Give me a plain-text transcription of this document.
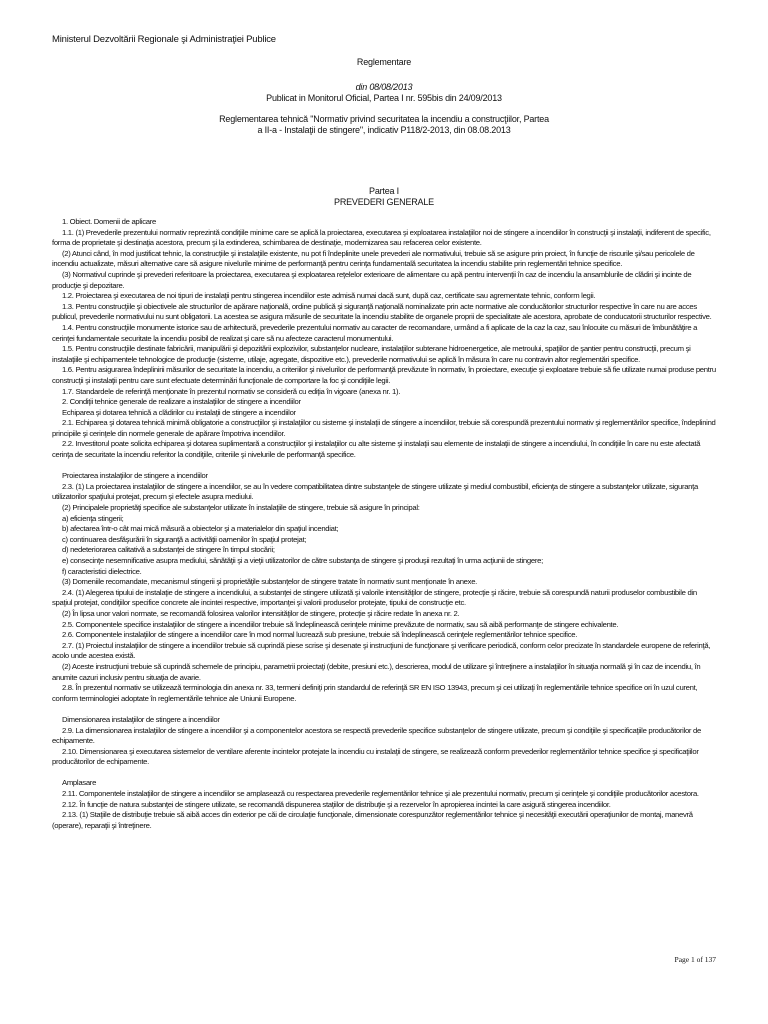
Ministerul Dezvoltării Regionale şi Administraţiei Publice
Reglementare
din 08/08/2013
Publicat in Monitorul Oficial, Partea I nr. 595bis din 24/09/2013
Reglementarea tehnică "Normativ privind securitatea la incendiu a construcţiilor, Partea
a II-a - Instalaţii de stingere", indicativ P118/2-2013, din 08.08.2013
Partea I
PREVEDERI GENERALE

1. Obiect. Domenii de aplicare

1.1. (1) Prevederile prezentului normativ reprezintă condiţiile minime care se aplică la proiectarea, executarea şi exploatarea instalaţiilor noi de stingere a incendiilor în construcţii şi instalaţii, indiferent de specific, forma de proprietate şi destinaţia acestora, precum şi la extinderea, schimbarea de destinaţie, modernizarea sau refacerea celor existente.

(2) Atunci când, în mod justificat tehnic, la construcţiile şi instalaţiile existente, nu pot fi îndeplinite unele prevederi ale normativului, trebuie să se asigure prin proiect, în funcţie de riscurile şi/sau pericolele de incendiu actualizate, măsuri alternative care să asigure nivelurile minime de performanţă pentru cerinţa fundamentală securitatea la incendiu stabilite prin reglementări tehnice specifice.

(3) Normativul cuprinde şi prevederi referitoare la proiectarea, executarea şi exploatarea reţelelor exterioare de alimentare cu apă pentru intervenţii în caz de incendiu la ansamblurile de clădiri şi incinte de producţie şi depozitare.

1.2. Proiectarea şi executarea de noi tipuri de instalaţii pentru stingerea incendiilor este admisă numai dacă sunt, după caz, certificate sau agrementate tehnic, conform legii.

1.3. Pentru construcţiile şi obiectivele ale structurilor de apărare naţională, ordine publică şi siguranţă naţională nominalizate prin acte normative ale conducătorilor structurilor respective în care nu are acces publicul, prevederile normativului nu sunt obligatorii. La acestea se asigura măsurile de securitate la incendiu stabilite de organele proprii de specialitate ale acestora, aprobate de conducatorii structurilor respective.

1.4. Pentru construcţiile monumente istorice sau de arhitectură, prevederile prezentului normativ au caracter de recomandare, urmând a fi aplicate de la caz la caz, sau înlocuite cu măsuri de îmbunătăţire a cerinţei fundamentale securitate la incendiu posibil de realizat şi care să nu afecteze caracterul monumentului.

1.5. Pentru construcţiile destinate fabricării, manipulării şi depozitării explozivilor, substanţelor nucleare, instalaţiilor subterane hidroenergetice, ale metroului, spaţiilor de şantier pentru construcţii, precum şi instalaţiile şi echipamentele tehnologice de producţie (sisteme, utilaje, agregate, dispozitive etc.), prevederile normativului se aplică în măsura în care nu contravin altor reglementări specifice.

1.6. Pentru asigurarea îndeplinirii măsurilor de securitate la incendiu, a criteriilor şi nivelurilor de performanţă prevăzute în normativ, în proiectare, execuţie şi exploatare trebuie să fie utilizate numai produse pentru construcţii şi instalaţii pentru care sunt efectuate determinări funcţionale de comportare la foc şi condiţiile legii.

1.7. Standardele de referinţă menţionate în prezentul normativ se consideră cu ediţia în vigoare (anexa nr. 1).

2. Condiţii tehnice generale de realizare a instalaţiilor de stingere a incendiilor

Echiparea şi dotarea tehnică a clădirilor cu instalaţii de stingere a incendiilor

2.1. Echiparea şi dotarea tehnică minimă obligatorie a construcţiilor şi instalaţiilor cu sisteme şi instalaţii de stingere a incendiilor, trebuie să corespundă prezentului normativ şi reglementărilor specifice, îndeplinind principiile şi cerinţele din normele generale de apărare împotriva incendiilor.

2.2. Investitorul poate solicita echiparea şi dotarea suplimentară a construcţiilor şi instalaţiilor cu alte sisteme şi instalaţii sau elemente de instalaţii de stingere a incendiului, în condiţiile în care nu este afectată cerinţa de securitate la incendiu referitor la condiţiile, criteriile şi nivelurile de performanţă specifice.

Proiectarea instalaţiilor de stingere a incendiilor

2.3. (1) La proiectarea instalaţiilor de stingere a incendiilor, se au în vedere compatibilitatea dintre substanţele de stingere utilizate şi mediul combustibil, eficienţa de stingere a substanţelor utilizate, siguranţa utilizatorilor spaţiului protejat, precum şi efectele asupra mediului.

(2) Principalele proprietăţi specifice ale substanţelor utilizate în instalaţiile de stingere, trebuie să asigure în principal:

a) eficienţa stingerii;

b) afectarea într-o cât mai mică măsură a obiectelor şi a materialelor din spaţiul incendiat;

c) continuarea desfăşurării în siguranţă a activităţii oamenilor în spaţiul protejat;

d) nedeteriorarea calitativă a substanţei de stingere în timpul stocării;

e) consecinţe nesemnificative asupra mediului, sănătăţii şi a vieţii utilizatorilor de către substanţa de stingere şi produşii rezultaţi în urma acţiunii de stingere;

f) caracteristici dielectrice.

(3) Domeniile recomandate, mecanismul stingerii şi proprietăţile substanţelor de stingere tratate în normativ sunt menţionate în anexe.

2.4. (1) Alegerea tipului de instalaţie de stingere a incendiului, a substanţei de stingere utilizată şi valorile intensităţilor de stingere, protecţie şi răcire, trebuie să corespundă naturii produselor combustibile din spaţiul protejat, condiţiilor specifice concrete ale incintei respective, importanţei şi valorii produselor protejate, tipului de construcţie etc.

(2) În lipsa unor valori normate, se recomandă folosirea valorilor intensităţilor de stingere, protecţie şi răcire redate în anexa nr. 2.

2.5. Componentele specifice instalaţiilor de stingere a incendiilor trebuie să îndeplinească cerinţele minime prevăzute de normativ, sau să aibă performanţe de stingere echivalente.

2.6. Componentele instalaţiilor de stingere a incendiilor care în mod normal lucrează sub presiune, trebuie să îndeplinească cerinţele reglementărilor tehnice specifice.

2.7. (1) Proiectul instalaţiilor de stingere a incendiilor trebuie să cuprindă piese scrise şi desenate şi instrucţiuni de funcţionare şi verificare periodică, conform celor precizate în standardele europene de referinţă, acolo unde acestea există.

(2) Aceste instrucţiuni trebuie să cuprindă schemele de principiu, parametrii proiectaţi (debite, presiuni etc.), descrierea, modul de utilizare şi întreţinere a instalaţiilor în situaţia normală şi în caz de incendiu, în anumite cazuri inclusiv pentru situaţia de avarie.

2.8. În prezentul normativ se utilizează terminologia din anexa nr. 33, termeni definiţi prin standardul de referinţă SR EN ISO 13943, precum şi cei utilizaţi în reglementările tehnice specifice ori în uzul curent, conform terminologiei adoptate în reglementările tehnice ale Uniunii Europene.

Dimensionarea instalaţiilor de stingere a incendiilor

2.9. La dimensionarea instalaţiilor de stingere a incendiilor şi a componentelor acestora se respectă prevederile specifice substanţelor de stingere utilizate, precum şi condiţiile şi specificaţiile producătorilor de echipamente.

2.10. Dimensionarea şi executarea sistemelor de ventilare aferente incintelor protejate la incendiu cu instalaţii de stingere, se realizează conform prevederilor reglementărilor tehnice specifice şi specificaţiilor producătorilor de echipamente.

Amplasare

2.11. Componentele instalaţiilor de stingere a incendiilor se amplasează cu respectarea prevederile reglementărilor tehnice şi ale prezentului normativ, precum şi cerinţele şi condiţiile producătorilor acestora.

2.12. În funcţie de natura substanţei de stingere utilizate, se recomandă dispunerea staţiilor de distribuţie şi a rezervelor în apropierea incintei la care asigură stingerea incendiilor.

2.13. (1) Staţiile de distribuţie trebuie să aibă acces din exterior pe căi de circulaţie funcţionale, dimensionate corespunzător reglementărilor tehnice şi necesităţii executării operaţiunilor de montaj, manevră (operare), reparaţii şi întreţinere.

Page 1 of 137
